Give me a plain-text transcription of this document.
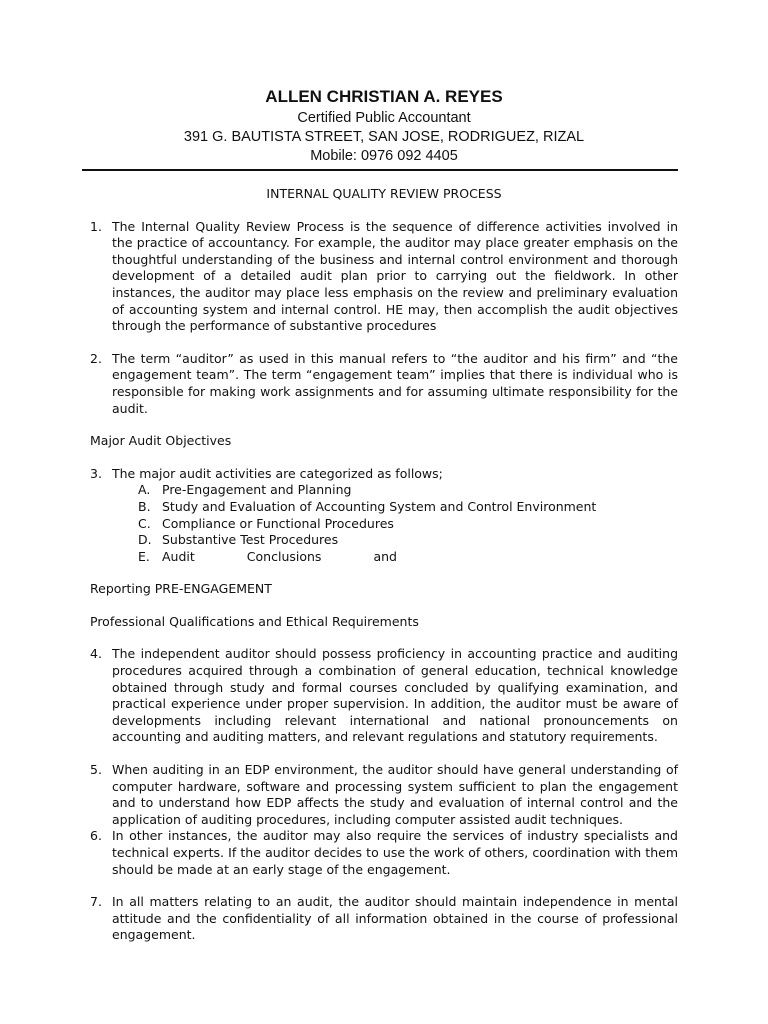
ALLEN CHRISTIAN A. REYES
Certified Public Accountant
391 G. BAUTISTA STREET, SAN JOSE, RODRIGUEZ, RIZAL
Mobile: 0976 092 4405
INTERNAL QUALITY REVIEW PROCESS
1. The Internal Quality Review Process is the sequence of difference activities involved in the practice of accountancy. For example, the auditor may place greater emphasis on the thoughtful understanding of the business and internal control environment and thorough development of a detailed audit plan prior to carrying out the fieldwork. In other instances, the auditor may place less emphasis on the review and preliminary evaluation of accounting system and internal control. HE may, then accomplish the audit objectives through the performance of substantive procedures
2. The term “auditor” as used in this manual refers to “the auditor and his firm” and “the engagement team”. The term “engagement team” implies that there is individual who is responsible for making work assignments and for assuming ultimate responsibility for the audit.
Major Audit Objectives
3. The major audit activities are categorized as follows;
A. Pre-Engagement and Planning
B. Study and Evaluation of Accounting System and Control Environment
C. Compliance or Functional Procedures
D. Substantive Test Procedures
E. Audit Conclusions and
Reporting PRE-ENGAGEMENT
Professional Qualifications and Ethical Requirements
4. The independent auditor should possess proficiency in accounting practice and auditing procedures acquired through a combination of general education, technical knowledge obtained through study and formal courses concluded by qualifying examination, and practical experience under proper supervision. In addition, the auditor must be aware of developments including relevant international and national pronouncements on accounting and auditing matters, and relevant regulations and statutory requirements.
5. When auditing in an EDP environment, the auditor should have general understanding of computer hardware, software and processing system sufficient to plan the engagement and to understand how EDP affects the study and evaluation of internal control and the application of auditing procedures, including computer assisted audit techniques.
6. In other instances, the auditor may also require the services of industry specialists and technical experts. If the auditor decides to use the work of others, coordination with them should be made at an early stage of the engagement.
7. In all matters relating to an audit, the auditor should maintain independence in mental attitude and the confidentiality of all information obtained in the course of professional engagement.
